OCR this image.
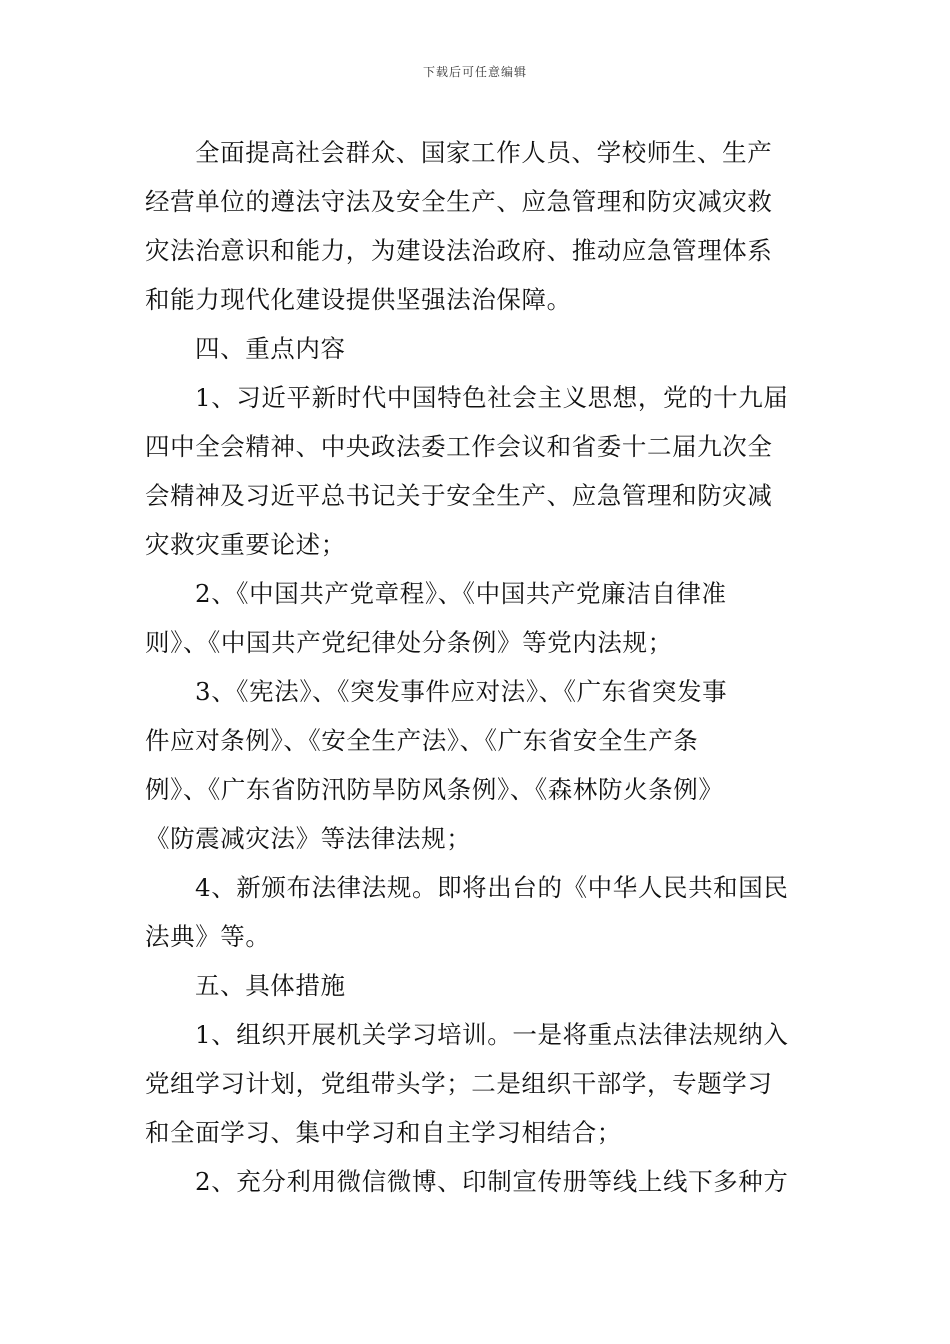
下载后可任意编辑
全面提高社会群众、国家工作人员、学校师生、生产
经营单位的遵法守法及安全生产、应急管理和防灾减灾救
灾法治意识和能力，为建设法治政府、推动应急管理体系
和能力现代化建设提供坚强法治保障。
四、重点内容
1、习近平新时代中国特色社会主义思想，党的十九届
四中全会精神、中央政法委工作会议和省委十二届九次全
会精神及习近平总书记关于安全生产、应急管理和防灾减
灾救灾重要论述；
2、《中国共产党章程》、《中国共产党廉洁自律准
则》、《中国共产党纪律处分条例》等党内法规；
3、《宪法》、《突发事件应对法》、《广东省突发事
件应对条例》、《安全生产法》、《广东省安全生产条
例》、《广东省防汛防旱防风条例》、《森林防火条例》
《防震减灾法》等法律法规；
4、新颁布法律法规。即将出台的《中华人民共和国民
法典》等。
五、具体措施
1、组织开展机关学习培训。一是将重点法律法规纳入
党组学习计划，党组带头学；二是组织干部学，专题学习
和全面学习、集中学习和自主学习相结合；
2、充分利用微信微博、印制宣传册等线上线下多种方
